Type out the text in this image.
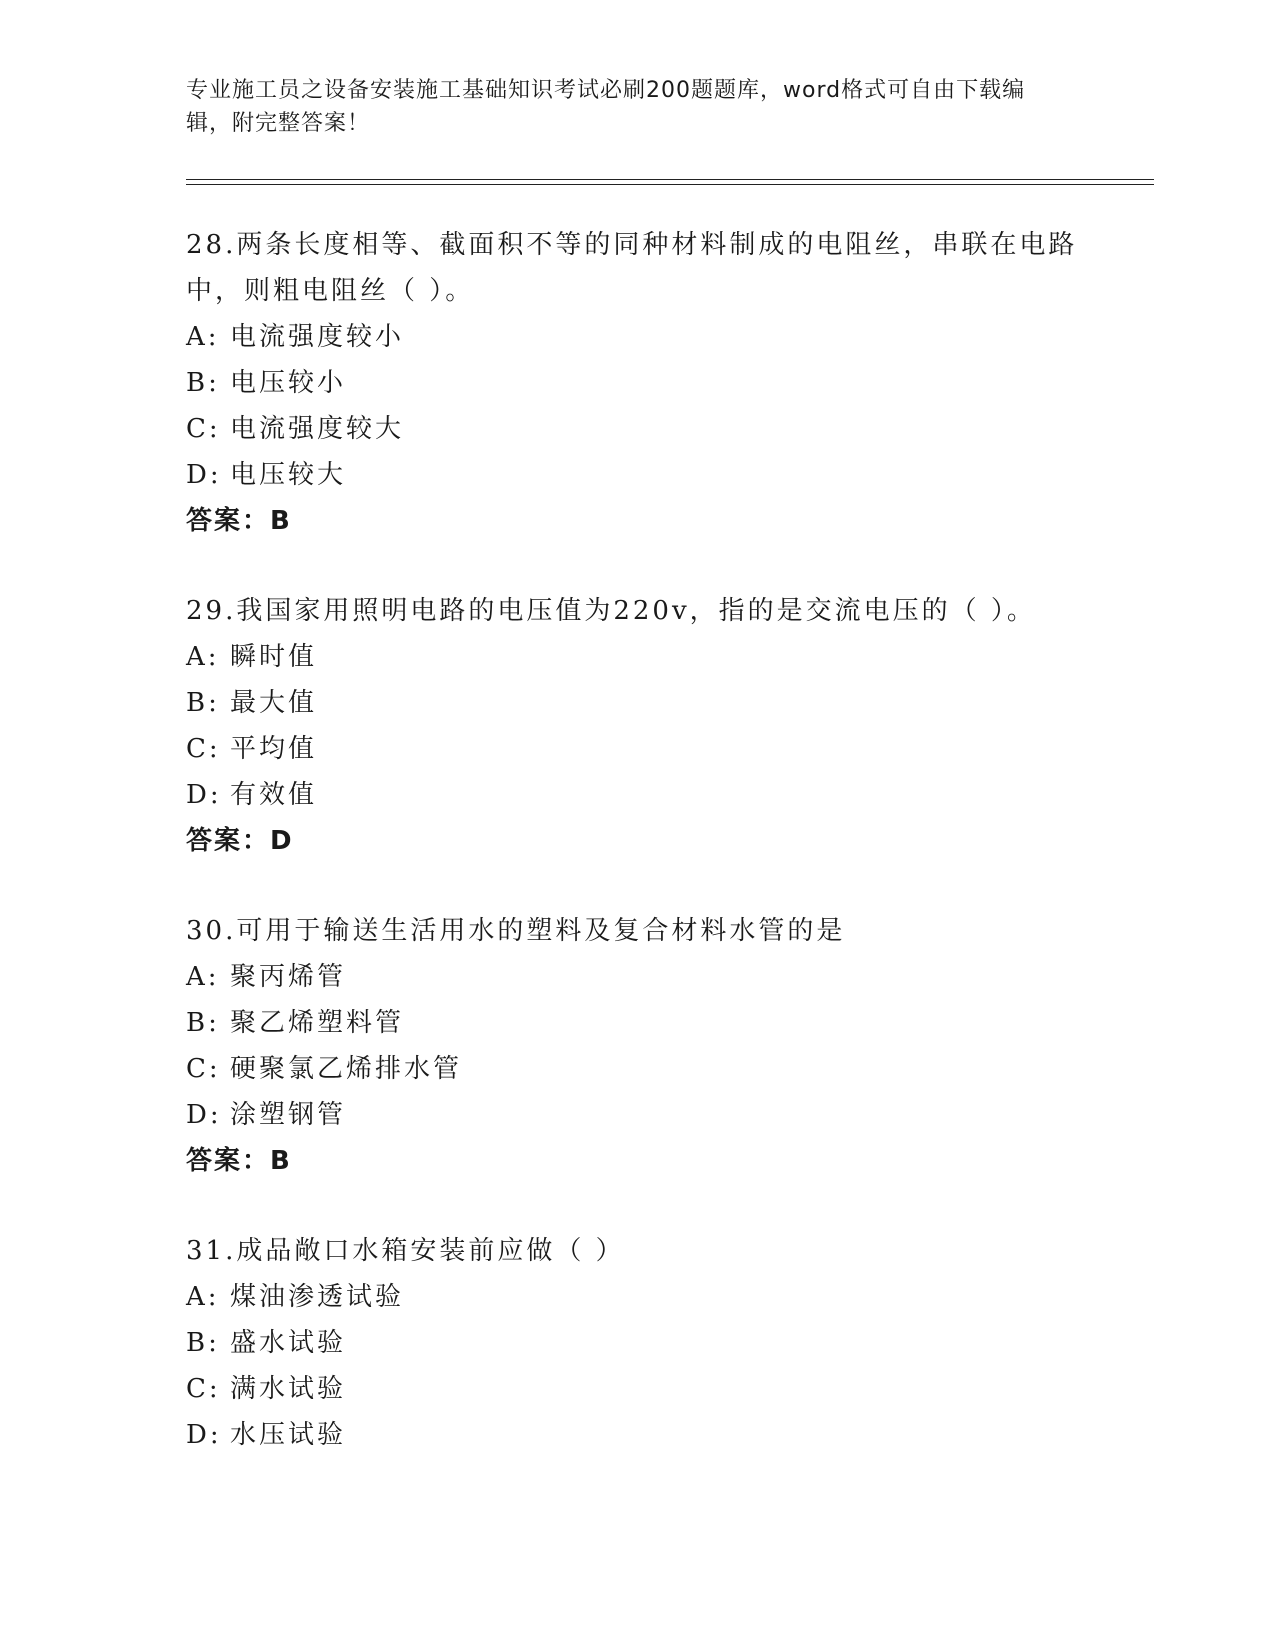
专业施工员之设备安装施工基础知识考试必刷200题题库，word格式可自由下载编辑，附完整答案！

28.两条长度相等、截面积不等的同种材料制成的电阻丝，串联在电路中，则粗电阻丝（ ）。

A: 电流强度较小
B: 电压较小
C: 电流强度较大
D: 电压较大
答案：B

29.我国家用照明电路的电压值为220v，指的是交流电压的（ ）。

A: 瞬时值
B: 最大值
C: 平均值
D: 有效值
答案：D

30.可用于输送生活用水的塑料及复合材料水管的是

A: 聚丙烯管
B: 聚乙烯塑料管
C: 硬聚氯乙烯排水管
D: 涂塑钢管
答案：B

31.成品敞口水箱安装前应做（ ）

A: 煤油渗透试验
B: 盛水试验
C: 满水试验
D: 水压试验
